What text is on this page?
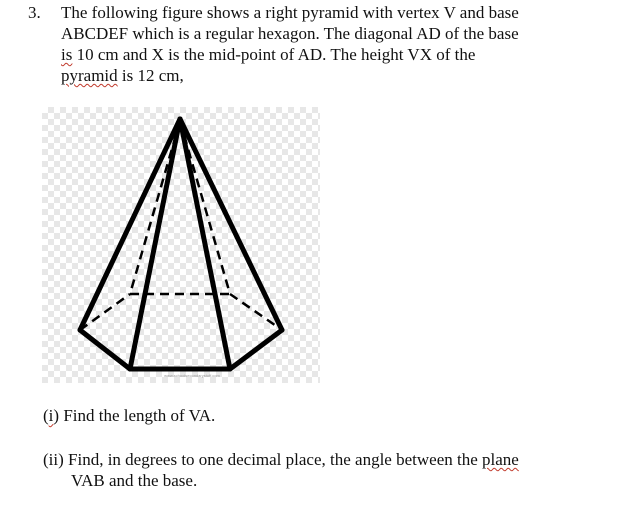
3. The following figure shows a right pyramid with vertex V and base
ABCDEF which is a regular hexagon. The diagonal AD of the base
is 10 cm and X is the mid-point of AD. The height VX of the
pyramid is 12 cm,
www.schoolsecondarystuff.com
(i) Find the length of VA.
(ii) Find, in degrees to one decimal place, the angle between the plane
VAB and the base.
